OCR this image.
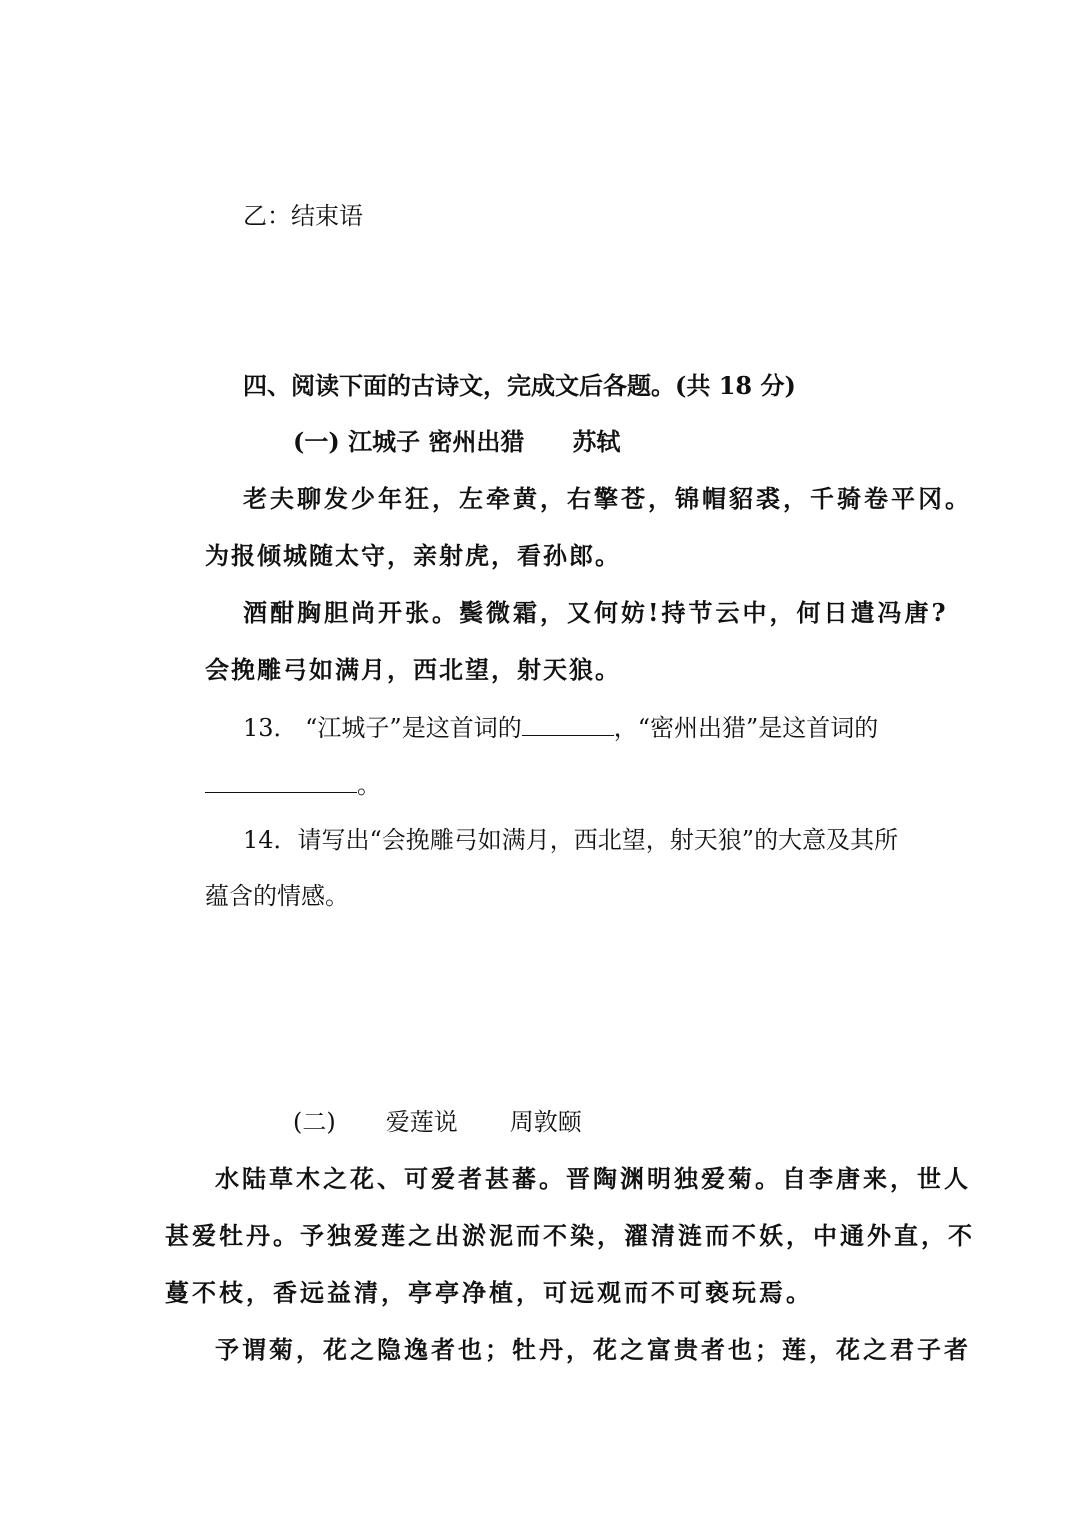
乙：结束语
四、阅读下面的古诗文，完成文后各题。(共 18 分)
(一) 江城子 密州出猎　　苏轼
老夫聊发少年狂，左牵黄，右擎苍，锦帽貂裘，千骑卷平冈。
为报倾城随太守，亲射虎，看孙郎。
酒酣胸胆尚开张。鬓微霜，又何妨!持节云中，何日遣冯唐?
会挽雕弓如满月，西北望，射天狼。
13． “江城子”是这首词的	，“密州出猎”是这首词的
。
14．请写出“会挽雕弓如满月，西北望，射天狼”的大意及其所
蕴含的情感。
(二) 爱莲说 周敦颐
水陆草木之花、可爱者甚蕃。晋陶渊明独爱菊。自李唐来，世人
甚爱牡丹。予独爱莲之出淤泥而不染，濯清涟而不妖，中通外直，不
蔓不枝，香远益清，亭亭净植，可远观而不可亵玩焉。
予谓菊，花之隐逸者也；牡丹，花之富贵者也；莲，花之君子者
